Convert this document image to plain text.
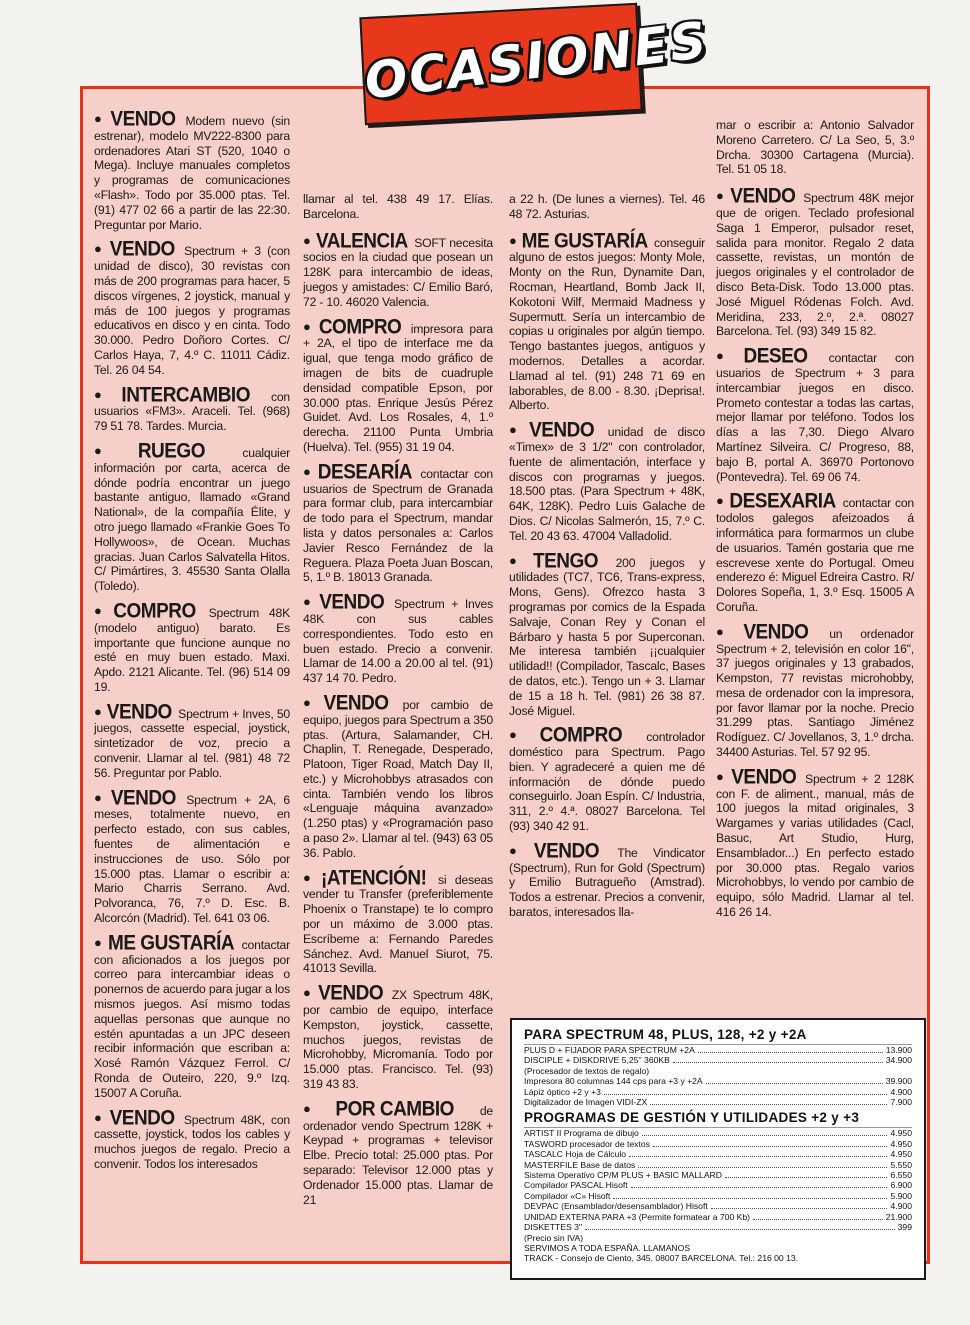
OCASIONES

● VENDO Modem nuevo (sin estrenar), modelo MV222-8300 para ordenadores Atari ST (520, 1040 o Mega). Incluye manuales completos y programas de comunicaciones «Flash». Todo por 35.000 ptas. Tel. (91) 477 02 66 a partir de las 22:30. Preguntar por Mario.

● VENDO Spectrum + 3 (con unidad de disco), 30 revistas con más de 200 programas para hacer, 5 discos vírgenes, 2 joystick, manual y más de 100 juegos y programas educativos en disco y en cinta. Todo 30.000. Pedro Doñoro Cortes. C/ Carlos Haya, 7, 4.º C. 11011 Cádiz. Tel. 26 04 54.

● INTERCAMBIO con usuarios «FM3». Araceli. Tel. (968) 79 51 78. Tardes. Murcia.

● RUEGO	cualquier información por carta, acerca de dónde podría encontrar un juego bastante antiguo, llamado «Grand National», de la compañía Élite, y otro juego llamado «Frankie Goes To Hollywoos», de Ocean. Muchas gracias. Juan Carlos Salvatella Hitos. C/ Pimártires, 3. 45530 Santa Olalla (Toledo).

● COMPRO Spectrum 48K (modelo antiguo) barato. Es importante que funcione aunque no esté en muy buen estado. Maxi. Apdo. 2121 Alicante. Tel. (96) 514 09 19.

● VENDO Spectrum + Inves, 50 juegos, cassette especial, joystick, sintetizador de voz, precio a convenir. Llamar al tel. (981) 48 72 56. Preguntar por Pablo.

● VENDO Spectrum + 2A, 6 meses, totalmente nuevo, en perfecto estado, con sus cables, fuentes de alimentación e instrucciones de uso. Sólo por 15.000 ptas. Llamar o escribir a: Mario Charris Serrano. Avd. Polvoranca, 76, 7.º D. Esc. B. Alcorcón (Madrid). Tel. 641 03 06.

● ME GUSTARÍA contactar con aficionados a los juegos por correo para intercambiar ideas o ponernos de acuerdo para jugar a los mismos juegos. Así mismo todas aquellas personas que aunque no estén apuntadas a un JPC deseen recibir información que escriban a: Xosé Ramón Vázquez Ferrol. C/ Ronda de Outeiro, 220, 9.º Izq. 15007 A Coruña.

● VENDO Spectrum 48K, con cassette, joystick, todos los cables y muchos juegos de regalo. Precio a convenir. Todos los interesados

llamar al tel. 438 49 17. Elías. Barcelona.

● VALENCIA SOFT necesita socios en la ciudad que posean un 128K para intercambio de ideas, juegos y amistades: C/ Emilio Baró, 72 - 10. 46020 Valencia.

● COMPRO impresora para + 2A, el tipo de interface me da igual, que tenga modo gráfico de imagen de bits de cuadruple densidad compatible Epson, por 30.000 ptas. Enrique Jesús Pérez Guidet. Avd. Los Rosales, 4, 1.º derecha. 21100 Punta Umbria (Huelva). Tel. (955) 31 19 04.

● DESEARÍA contactar con usuarios de Spectrum de Granada para formar club, para intercambiar de todo para el Spectrum, mandar lista y datos personales a: Carlos Javier Resco Fernández de la Reguera. Plaza Poeta Juan Boscan, 5, 1.º B. 18013 Granada.

● VENDO Spectrum + Inves 48K con sus cables correspondientes. Todo esto en buen estado. Precio a convenir. Llamar de 14.00 a 20.00 al tel. (91) 437 14 70. Pedro.

● VENDO por cambio de equipo, juegos para Spectrum a 350 ptas. (Artura, Salamander, CH. Chaplin, T. Renegade, Desperado, Platoon, Tiger Road, Match Day II, etc.) y Microhobbys atrasados con cinta. También vendo los libros «Lenguaje máquina avanzado» (1.250 ptas) y «Programación paso a paso 2». Llamar al tel. (943) 63 05 36. Pablo.

● ¡ATENCIÓN! si deseas vender tu Transfer (preferiblemente Phoenix o Transtape) te lo compro por un máximo de 3.000 ptas. Escríbeme a: Fernando Paredes Sánchez. Avd. Manuel Siurot, 75. 41013 Sevilla.

● VENDO ZX Spectrum 48K, por cambio de equipo, interface Kempston, joystick, cassette, muchos juegos, revistas de Microhobby, Micromanía. Todo por 15.000 ptas. Francisco. Tel. (93) 319 43 83.

● POR CAMBIO de ordenador vendo Spectrum 128K + Keypad + programas + televisor Elbe. Precio total: 25.000 ptas. Por separado: Televisor 12.000 ptas y Ordenador 15.000 ptas. Llamar de 21

a 22 h. (De lunes a viernes). Tel. 46 48 72. Asturias.

● ME GUSTARÍA conseguir alguno de estos juegos: Monty Mole, Monty on the Run, Dynamite Dan, Rocman, Heartland, Bomb Jack II, Kokotoni Wilf, Mermaid Madness y Supermutt. Sería un intercambio de copias u originales por algún tiempo. Tengo bastantes juegos, antiguos y modernos. Detalles a acordar. Llamad al tel. (91) 248 71 69 en laborables, de 8.00 - 8.30. ¡Deprisa!. Alberto.

● VENDO unidad de disco «Timex» de 3 1/2" con controlador, fuente de alimentación, interface y discos con programas y juegos. 18.500 ptas. (Para Spectrum + 48K, 64K, 128K). Pedro Luis Galache de Dios. C/ Nicolas Salmerón, 15, 7.º C. Tel. 20 43 63. 47004 Valladolid.

● TENGO 200 juegos y utilidades (TC7, TC6, Trans-express, Mons, Gens). Ofrezco hasta 3 programas por comics de la Espada Salvaje, Conan Rey y Conan el Bárbaro y hasta 5 por Superconan. Me interesa también ¡¡cualquier utilidad!! (Compilador, Tascalc, Bases de datos, etc.). Tengo un + 3. Llamar de 15 a 18 h. Tel. (981) 26 38 87. José Miguel.

● COMPRO controlador doméstico para Spectrum. Pago bien. Y agradeceré a quien me dé información de dónde puedo conseguirlo. Joan Espín. C/ Industria, 311, 2.º 4.ª. 08027 Barcelona. Tel (93) 340 42 91.

● VENDO The Vindicator (Spectrum), Run for Gold (Spectrum) y Emilio Butragueño (Amstrad). Todos a estrenar. Precios a convenir, baratos, interesados lla-

mar o escribir a: Antonio Salvador Moreno Carretero. C/ La Seo, 5, 3.º Drcha. 30300 Cartagena (Murcia). Tel. 51 05 18.

● VENDO Spectrum 48K mejor que de origen. Teclado profesional Saga 1 Emperor, pulsador reset, salida para monitor. Regalo 2 data cassette, revistas, un montón de juegos originales y el controlador de disco Beta-Disk. Todo 13.000 ptas. José Miguel Ródenas Folch. Avd. Meridina, 233, 2.º, 2.ª. 08027 Barcelona. Tel. (93) 349 15 82.

● DESEO contactar con usuarios de Spectrum + 3 para intercambiar juegos en disco. Prometo contestar a todas las cartas, mejor llamar por teléfono. Todos los días a las 7,30. Diego Alvaro Martínez Silveira. C/ Progreso, 88, bajo B, portal A. 36970 Portonovo (Pontevedra). Tel. 69 06 74.

● DESEXARIA contactar con todolos galegos afeizoados á informática para formarmos un clube de usuarios. Tamén gostaria que me escrevese xente do Portugal. Omeu enderezo é: Miguel Edreira Castro. R/ Dolores Sopeña, 1, 3.º Esq. 15005 A Coruña.

● VENDO un ordenador Spectrum + 2, televisión en color 16", 37 juegos originales y 13 grabados, Kempston, 77 revistas microhobby, mesa de ordenador con la impresora, por favor llamar por la noche. Precio 31.299 ptas. Santiago Jiménez Rodíguez. C/ Jovellanos, 3, 1.º drcha. 34400 Asturias. Tel. 57 92 95.

● VENDO Spectrum + 2 128K con F. de aliment., manual, más de 100 juegos la mitad originales, 3 Wargames y varias utilidades (Cacl, Basuc, Art Studio, Hurg, Ensamblador...) En perfecto estado por 30.000 ptas. Regalo varios Microhobbys, lo vendo por cambio de equipo, sólo Madrid. Llamar al tel. 416 26 14.

PARA SPECTRUM 48, PLUS, 128, +2 y +2A
PLUS D + FIJADOR PARA SPECTRUM +2A	13.900
DISCIPLE + DISKDRIVE 5,25'' 360KB	34.900
(Procesador de textos de regalo)
Impresora 80 columnas 144 cps para +3 y +2A	39.900
Lápiz óptico +2 y +3	4.900
Digitalizador de Imagen VIDI-ZX	7.900
PROGRAMAS DE GESTIÓN Y UTILIDADES +2 y +3
ARTIST II Programa de dibujo	4.950
TASWORD procesador de textos	4.950
TASCALC Hoja de Cálculo	4.950
MASTERFILE Base de datos	5.550
Sistema Operativo CP/M PLUS + BASIC MALLARD	6.550
Compilador PASCAL Hisoft	6.900
Compilador «C» Hisoft	5.900
DEVPAC (Ensamblador/desensamblador) Hisoft	4.900
UNIDAD EXTERNA PARA +3 (Permite formatear a 700 Kb)	21.900
DISKETTES 3''	399
(Precio sin IVA)
SERVIMOS A TODA ESPAÑA. LLAMANOS
TRACK - Consejo de Ciento, 345. 08007 BARCELONA. Tel.: 216 00 13.
